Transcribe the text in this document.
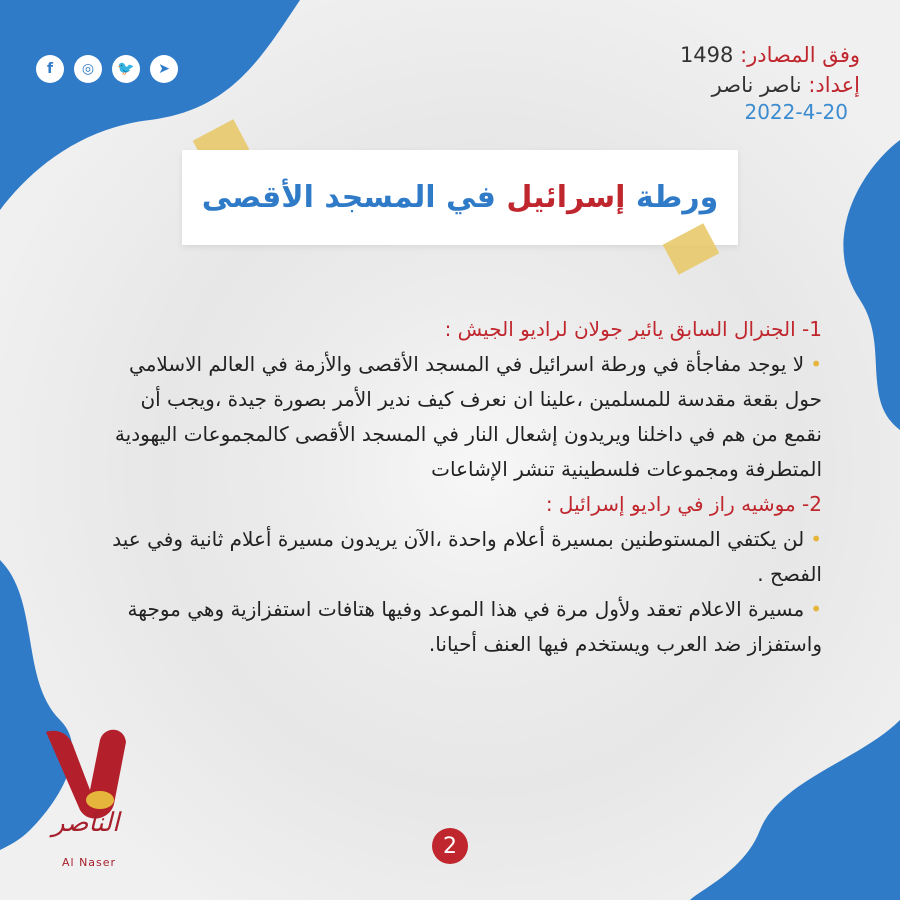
f	◎	🐦	➤
وفق المصادر: 1498
إعداد: ناصر ناصر
2022-4-20
ورطة إسرائيل في المسجد الأقصى

1- الجنرال السابق يائير جولان لراديو الجيش :

•لا يوجد مفاجأة في ورطة اسرائيل في المسجد الأقصى والأزمة في العالم الاسلامي حول بقعة مقدسة للمسلمين ،علينا ان نعرف كيف ندير الأمر بصورة جيدة ،ويجب أن نقمع من هم في داخلنا ويريدون إشعال النار في المسجد الأقصى كالمجموعات اليهودية المتطرفة ومجموعات فلسطينية تنشر الإشاعات

2- موشيه راز في راديو إسرائيل :

•لن يكتفي المستوطنين بمسيرة أعلام واحدة ،الآن يريدون مسيرة أعلام ثانية وفي عيد الفصح .

•مسيرة الاعلام تعقد ولأول مرة في هذا الموعد وفيها هتافات استفزازية وهي موجهة واستفزاز ضد العرب ويستخدم فيها العنف أحيانا.

الناصر
Al Naser
2
